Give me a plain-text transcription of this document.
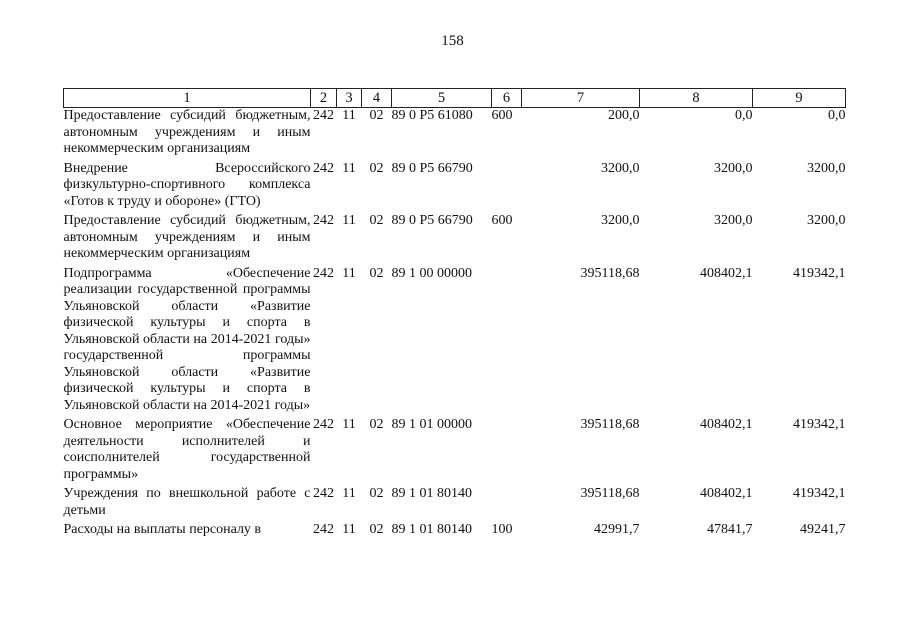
158
1	2	3	4	5	6	7	8	9
Предоставление субсидий бюджетным, автономным учреждениям и иным некоммерческим организациям	242	11	02	89 0 P5 61080	600	200,0	0,0	0,0
Внедрение Всероссийского физкультурно-спортивного комплекса «Готов к труду и обороне» (ГТО)	242	11	02	89 0 P5 66790		3200,0	3200,0	3200,0
Предоставление субсидий бюджетным, автономным учреждениям и иным некоммерческим организациям	242	11	02	89 0 P5 66790	600	3200,0	3200,0	3200,0
Подпрограмма «Обеспечение реализации государственной программы Ульяновской области «Развитие физической культуры и спорта в Ульяновской области на 2014-2021 годы» государственной программы Ульяновской области «Развитие физической культуры и спорта в Ульяновской области на 2014-2021 годы»	242	11	02	89 1 00 00000		395118,68	408402,1	419342,1
Основное мероприятие «Обеспечение деятельности исполнителей и соисполнителей государственной программы»	242	11	02	89 1 01 00000		395118,68	408402,1	419342,1
Учреждения по внешкольной работе с детьми	242	11	02	89 1 01 80140		395118,68	408402,1	419342,1
Расходы на выплаты персоналу в	242	11	02	89 1 01 80140	100	42991,7	47841,7	49241,7
